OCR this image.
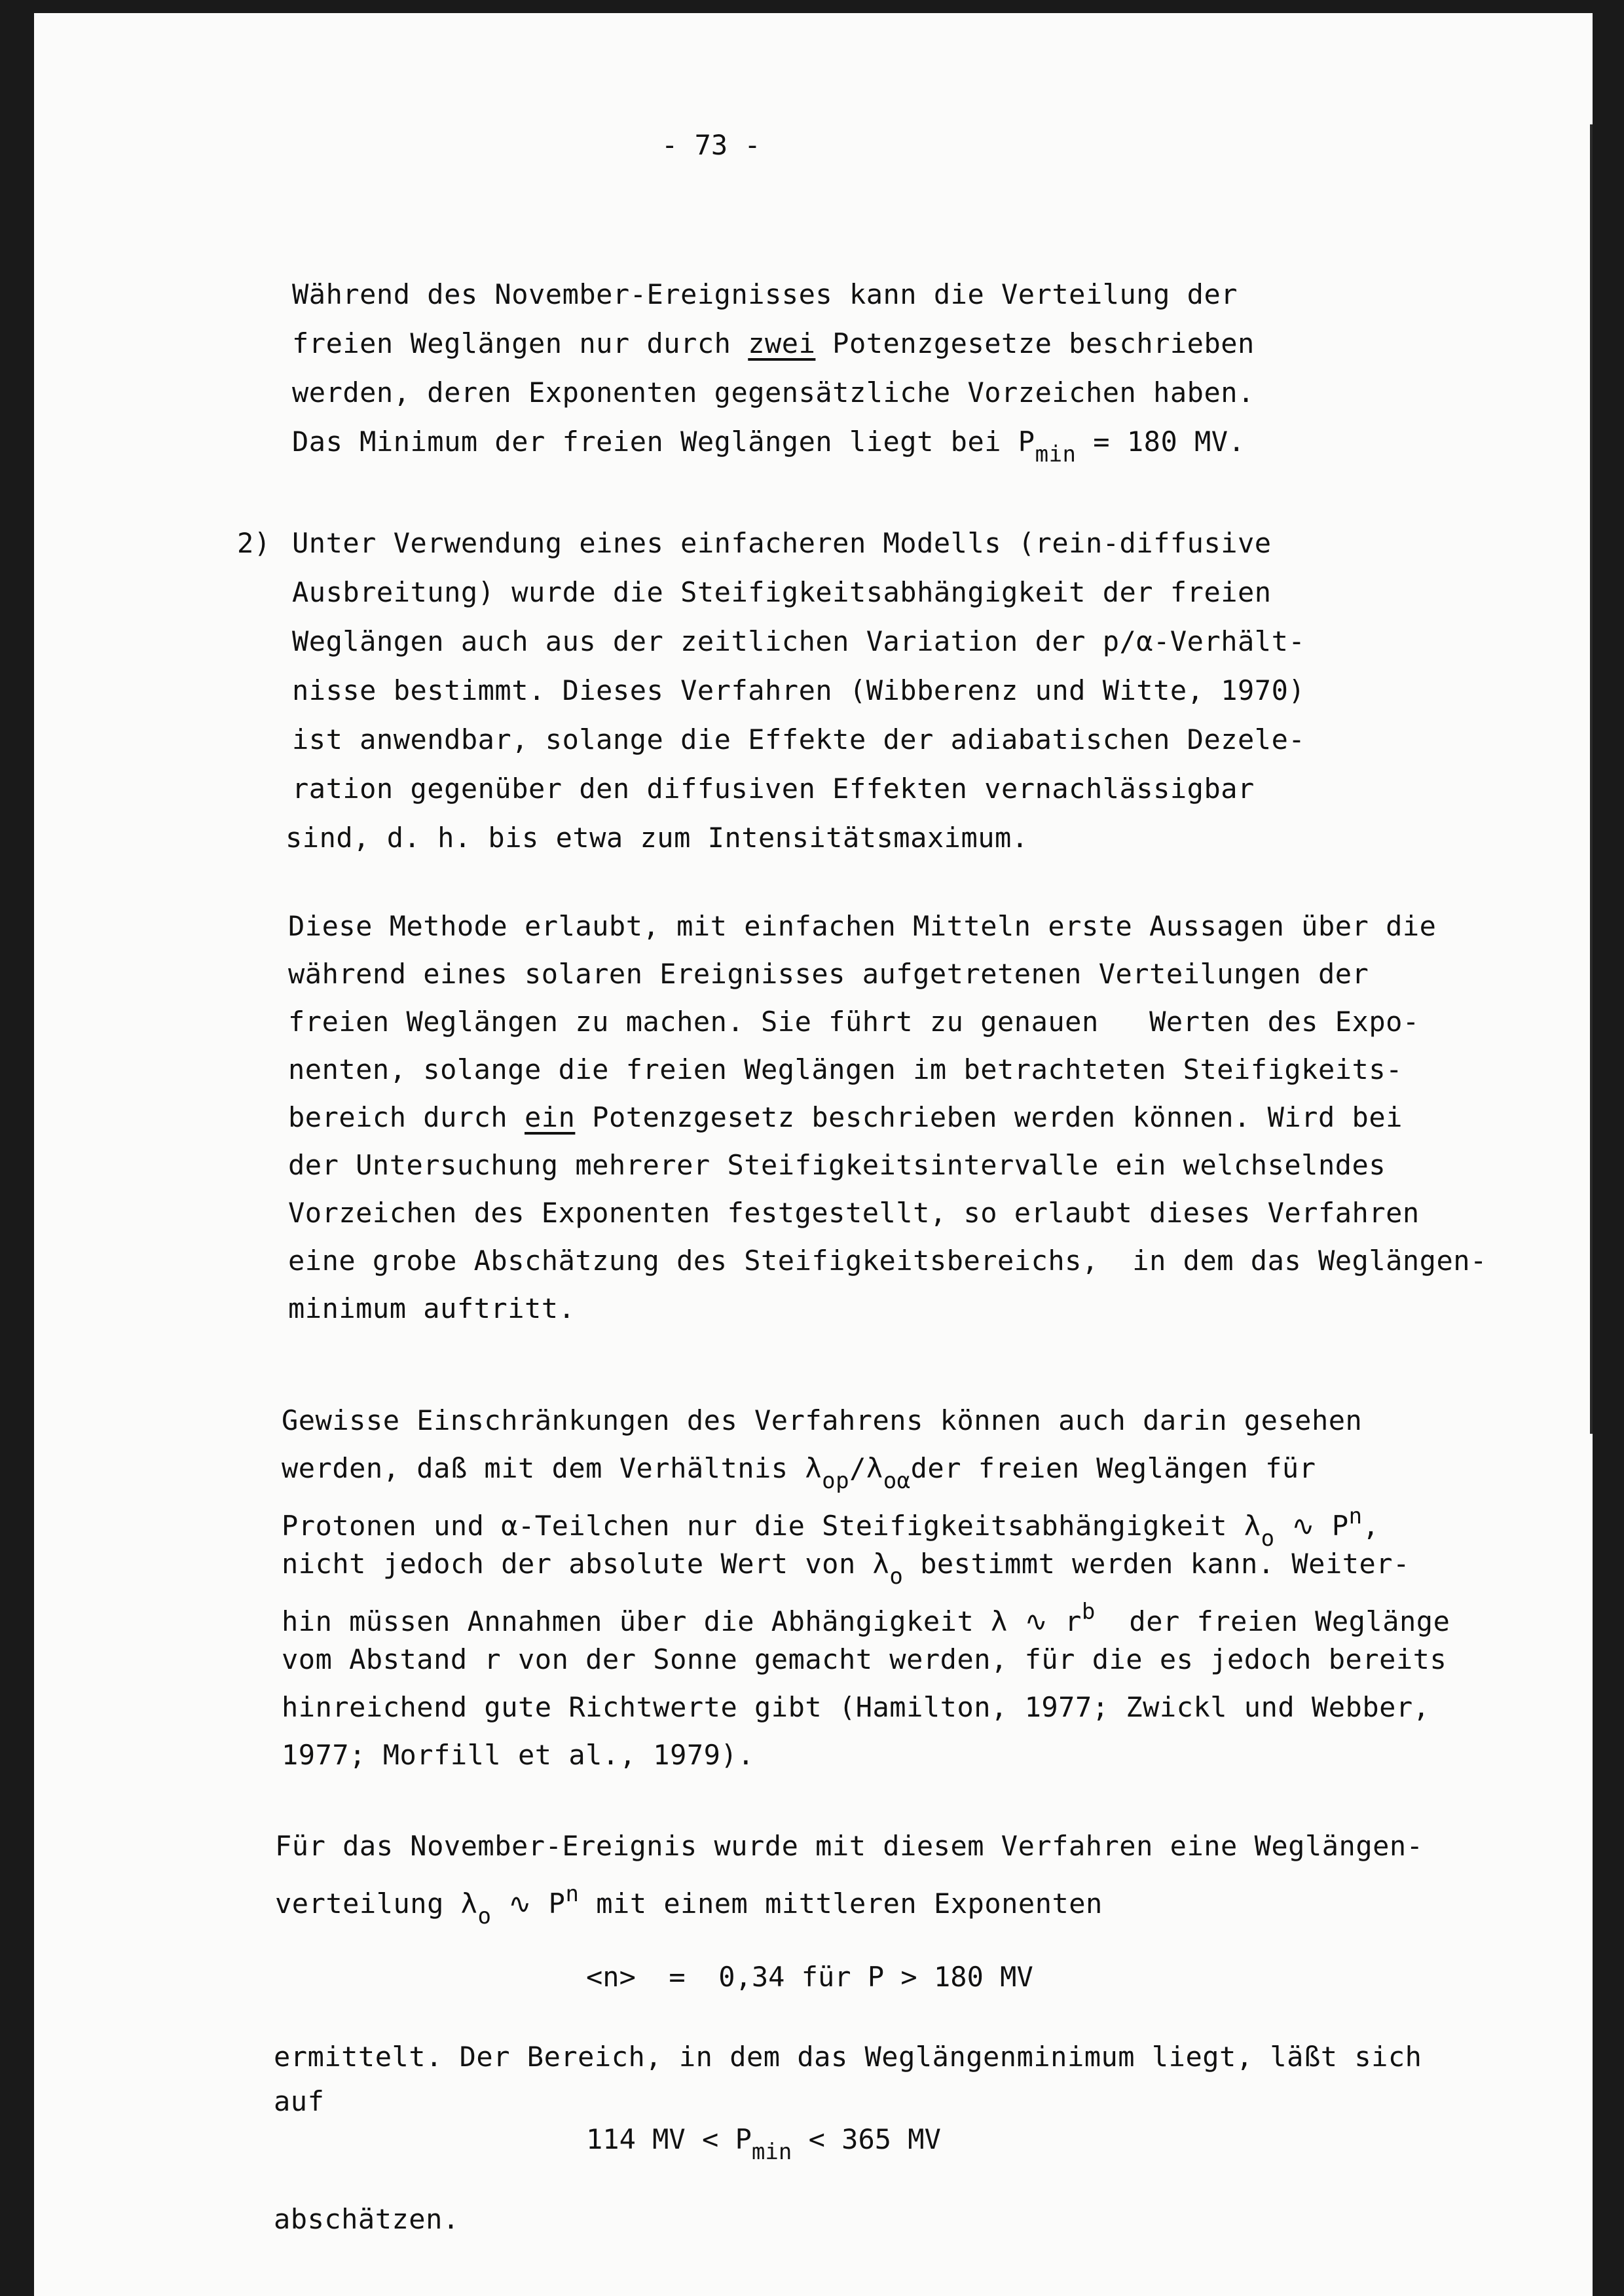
- 73 -
Während des November-Ereignisses kann die Verteilung der
freien Weglängen nur durch zwei Potenzgesetze beschrieben
werden, deren Exponenten gegensätzliche Vorzeichen haben.
Das Minimum der freien Weglängen liegt bei $P_{min} = 180$ MV.
2) Unter Verwendung eines einfacheren Modells (rein-diffusive
Ausbreitung) wurde die Steifigkeitsabhängigkeit der freien
Weglängen auch aus der zeitlichen Variation der p/α-Verhält-
nisse bestimmt. Dieses Verfahren (Wibberenz und Witte, 1970)
ist anwendbar, solange die Effekte der adiabatischen Dezele-
ration gegenüber den diffusiven Effekten vernachlässigbar
sind, d. h. bis etwa zum Intensitätsmaximum.
Diese Methode erlaubt, mit einfachen Mitteln erste Aussagen über die
während eines solaren Ereignisses aufgetretenen Verteilungen der
freien Weglängen zu machen. Sie führt zu genauen   Werten des Expo-
nenten, solange die freien Weglängen im betrachteten Steifigkeits-
bereich durch ein Potenzgesetz beschrieben werden können. Wird bei
der Untersuchung mehrerer Steifigkeitsintervalle ein welchselndes
Vorzeichen des Exponenten festgestellt, so erlaubt dieses Verfahren
eine grobe Abschätzung des Steifigkeitsbereichs,  in dem das Weglängen-
minimum auftritt.
Gewisse Einschränkungen des Verfahrens können auch darin gesehen
werden, daß mit dem Verhältnis $\lambda_{op}/\lambda_{o\alpha}der$ freien Weglängen für
Protonen und α-Teilchen nur die Steifigkeitsabhängigkeit $\lambda_o$ ∿ $P^n$,
nicht jedoch der absolute Wert von $\lambda_o$ bestimmt werden kann. Weiter-
hin müssen Annahmen über die Abhängigkeit λ ∿ $r^b$  der freien Weglänge
vom Abstand r von der Sonne gemacht werden, für die es jedoch bereits
hinreichend gute Richtwerte gibt (Hamilton, 1977; Zwickl und Webber,
1977; Morfill et al., 1979).
Für das November-Ereignis wurde mit diesem Verfahren eine Weglängen-
verteilung $\lambda_o$ ∿ $P^n$ mit einem mittleren Exponenten
<n>  =  0,34 für P > 180 MV
ermittelt. Der Bereich, in dem das Weglängenminimum liegt, läßt sich
auf
114 MV < $P_{min} < 365$ MV
abschätzen.
